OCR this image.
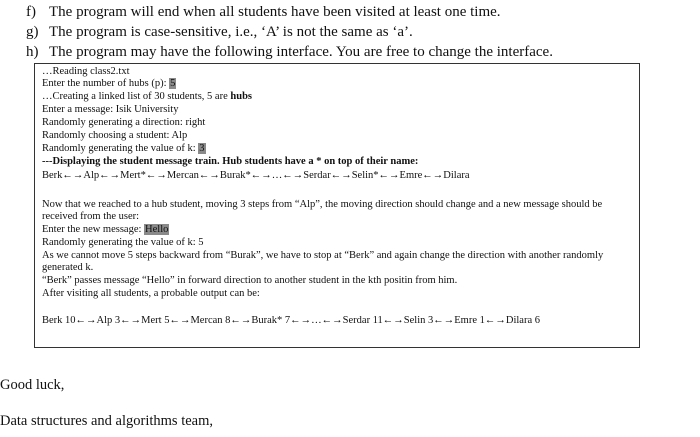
f) The program will end when all students have been visited at least one time.
g) The program is case-sensitive, i.e., ‘A’ is not the same as ‘a’.
h) The program may have the following interface. You are free to change the interface.
…Reading class2.txt
Enter the number of hubs (p): 5
…Creating a linked list of 30 students, 5 are hubs
Enter a message: Isik University
Randomly generating a direction: right
Randomly choosing a student: Alp
Randomly generating the value of k: 3
---Displaying the student message train. Hub students have a * on top of their name:
Berk←→Alp←→Mert*←→Mercan←→Burak*←→…←→Serdar←→Selin*←→Emre←→Dilara
Now that we reached to a hub student, moving 3 steps from “Alp”, the moving direction should change and a new message should be received from the user:
Enter the new message: Hello
Randomly generating the value of k: 5
As we cannot move 5 steps backward from “Burak”, we have to stop at “Berk” and again change the direction with another randomly generated k.
“Berk” passes message “Hello” in forward direction to another student in the kth positin from him.
After visiting all students, a probable output can be:
Berk 10←→Alp 3←→Mert 5←→Mercan 8←→Burak* 7←→…←→Serdar 11←→Selin 3←→Emre 1←→Dilara 6
Good luck,
Data structures and algorithms team,
